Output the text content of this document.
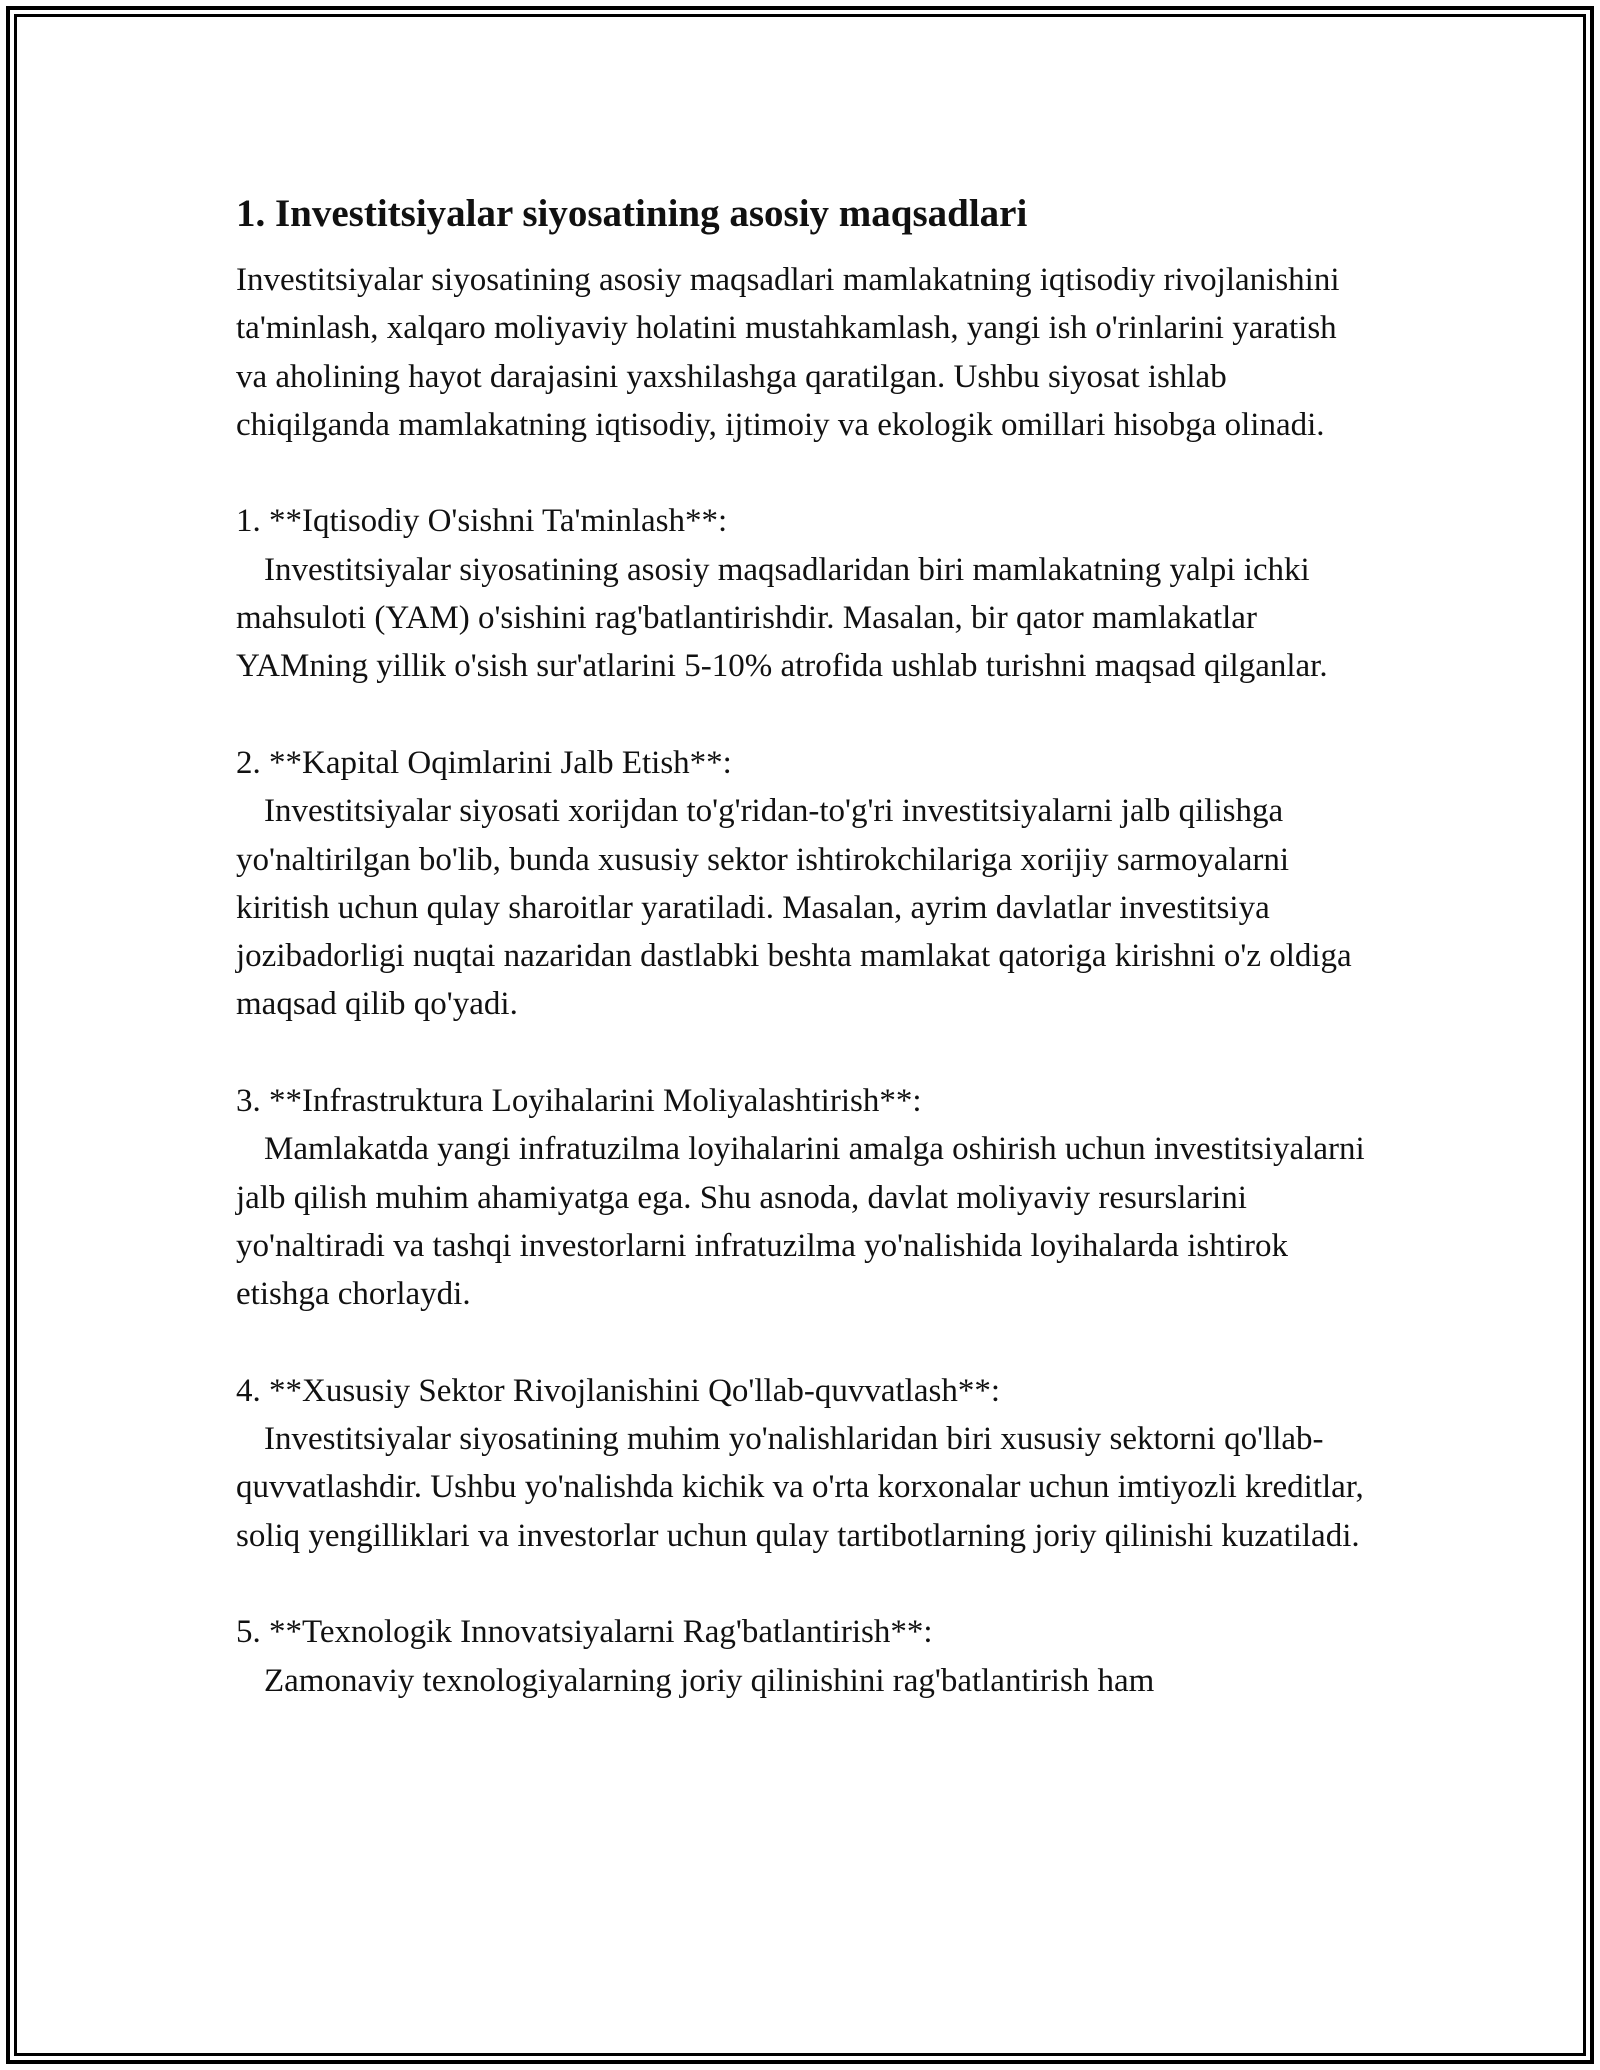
1. Investitsiyalar siyosatining asosiy maqsadlari

Investitsiyalar siyosatining asosiy maqsadlari mamlakatning iqtisodiy rivojlanishini ta'minlash, xalqaro moliyaviy holatini mustahkamlash, yangi ish o'rinlarini yaratish va aholining hayot darajasini yaxshilashga qaratilgan. Ushbu siyosat ishlab chiqilganda mamlakatning iqtisodiy, ijtimoiy va ekologik omillari hisobga olinadi.

1. **Iqtisodiy O'sishni Ta'minlash**:

Investitsiyalar siyosatining asosiy maqsadlaridan biri mamlakatning yalpi ichki mahsuloti (YAM) o'sishini rag'batlantirishdir. Masalan, bir qator mamlakatlar YAMning yillik o'sish sur'atlarini 5-10% atrofida ushlab turishni maqsad qilganlar.

2. **Kapital Oqimlarini Jalb Etish**:

Investitsiyalar siyosati xorijdan to'g'ridan-to'g'ri investitsiyalarni jalb qilishga yo'naltirilgan bo'lib, bunda xususiy sektor ishtirokchilariga xorijiy sarmoyalarni kiritish uchun qulay sharoitlar yaratiladi. Masalan, ayrim davlatlar investitsiya jozibadorligi nuqtai nazaridan dastlabki beshta mamlakat qatoriga kirishni o'z oldiga maqsad qilib qo'yadi.

3. **Infrastruktura Loyihalarini Moliyalashtirish**:

Mamlakatda yangi infratuzilma loyihalarini amalga oshirish uchun investitsiyalarni jalb qilish muhim ahamiyatga ega. Shu asnoda, davlat moliyaviy resurslarini yo'naltiradi va tashqi investorlarni infratuzilma yo'nalishida loyihalarda ishtirok etishga chorlaydi.

4. **Xususiy Sektor Rivojlanishini Qo'llab-quvvatlash**:

Investitsiyalar siyosatining muhim yo'nalishlaridan biri xususiy sektorni qo'llab-quvvatlashdir. Ushbu yo'nalishda kichik va o'rta korxonalar uchun imtiyozli kreditlar, soliq yengilliklari va investorlar uchun qulay tartibotlarning joriy qilinishi kuzatiladi.

5. **Texnologik Innovatsiyalarni Rag'batlantirish**:

Zamonaviy texnologiyalarning joriy qilinishini rag'batlantirish ham
